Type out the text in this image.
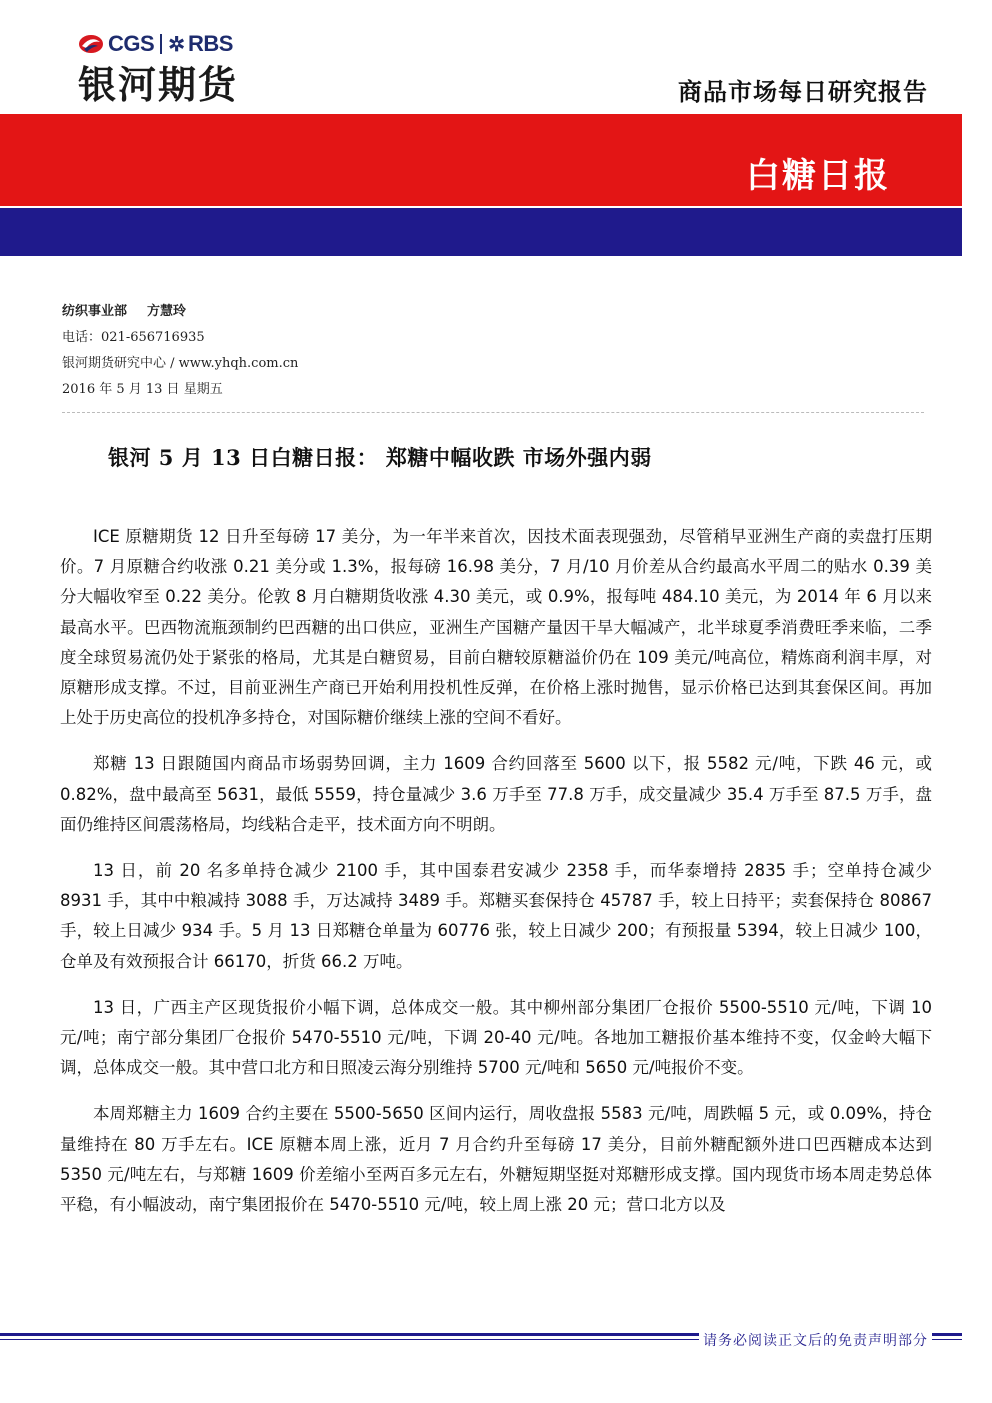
CGS ✲ RBS
银河期货	商品市场每日研究报告
白糖日报
纺织事业部 方慧玲
电话：021-656716935
银河期货研究中心 / www.yhqh.com.cn
2016 年 5 月 13 日 星期五
银河 5 月 13 日白糖日报： 郑糖中幅收跌 市场外强内弱

ICE 原糖期货 12 日升至每磅 17 美分，为一年半来首次，因技术面表现强劲，尽管稍早亚洲生产商的卖盘打压期价。7 月原糖合约收涨 0.21 美分或 1.3%，报每磅 16.98 美分，7 月/10 月价差从合约最高水平周二的贴水 0.39 美分大幅收窄至 0.22 美分。伦敦 8 月白糖期货收涨 4.30 美元，或 0.9%，报每吨 484.10 美元，为 2014 年 6 月以来最高水平。巴西物流瓶颈制约巴西糖的出口供应，亚洲生产国糖产量因干旱大幅减产，北半球夏季消费旺季来临，二季度全球贸易流仍处于紧张的格局，尤其是白糖贸易，目前白糖较原糖溢价仍在 109 美元/吨高位，精炼商利润丰厚，对原糖形成支撑。不过，目前亚洲生产商已开始利用投机性反弹，在价格上涨时抛售，显示价格已达到其套保区间。再加上处于历史高位的投机净多持仓，对国际糖价继续上涨的空间不看好。

郑糖 13 日跟随国内商品市场弱势回调，主力 1609 合约回落至 5600 以下，报 5582 元/吨，下跌 46 元，或 0.82%，盘中最高至 5631，最低 5559，持仓量减少 3.6 万手至 77.8 万手，成交量减少 35.4 万手至 87.5 万手，盘面仍维持区间震荡格局，均线粘合走平，技术面方向不明朗。

13 日，前 20 名多单持仓减少 2100 手，其中国泰君安减少 2358 手，而华泰增持 2835 手；空单持仓减少 8931 手，其中中粮减持 3088 手，万达减持 3489 手。郑糖买套保持仓 45787 手，较上日持平；卖套保持仓 80867 手，较上日减少 934 手。5 月 13 日郑糖仓单量为 60776 张，较上日减少 200；有预报量 5394，较上日减少 100，仓单及有效预报合计 66170，折货 66.2 万吨。

13 日，广西主产区现货报价小幅下调，总体成交一般。其中柳州部分集团厂仓报价 5500-5510 元/吨，下调 10 元/吨；南宁部分集团厂仓报价 5470-5510 元/吨，下调 20-40 元/吨。各地加工糖报价基本维持不变，仅金岭大幅下调，总体成交一般。其中营口北方和日照凌云海分别维持 5700 元/吨和 5650 元/吨报价不变。

本周郑糖主力 1609 合约主要在 5500-5650 区间内运行，周收盘报 5583 元/吨，周跌幅 5 元，或 0.09%，持仓量维持在 80 万手左右。ICE 原糖本周上涨，近月 7 月合约升至每磅 17 美分，目前外糖配额外进口巴西糖成本达到 5350 元/吨左右，与郑糖 1609 价差缩小至两百多元左右，外糖短期坚挺对郑糖形成支撑。国内现货市场本周走势总体平稳，有小幅波动，南宁集团报价在 5470-5510 元/吨，较上周上涨 20 元；营口北方以及

请务必阅读正文后的免责声明部分
